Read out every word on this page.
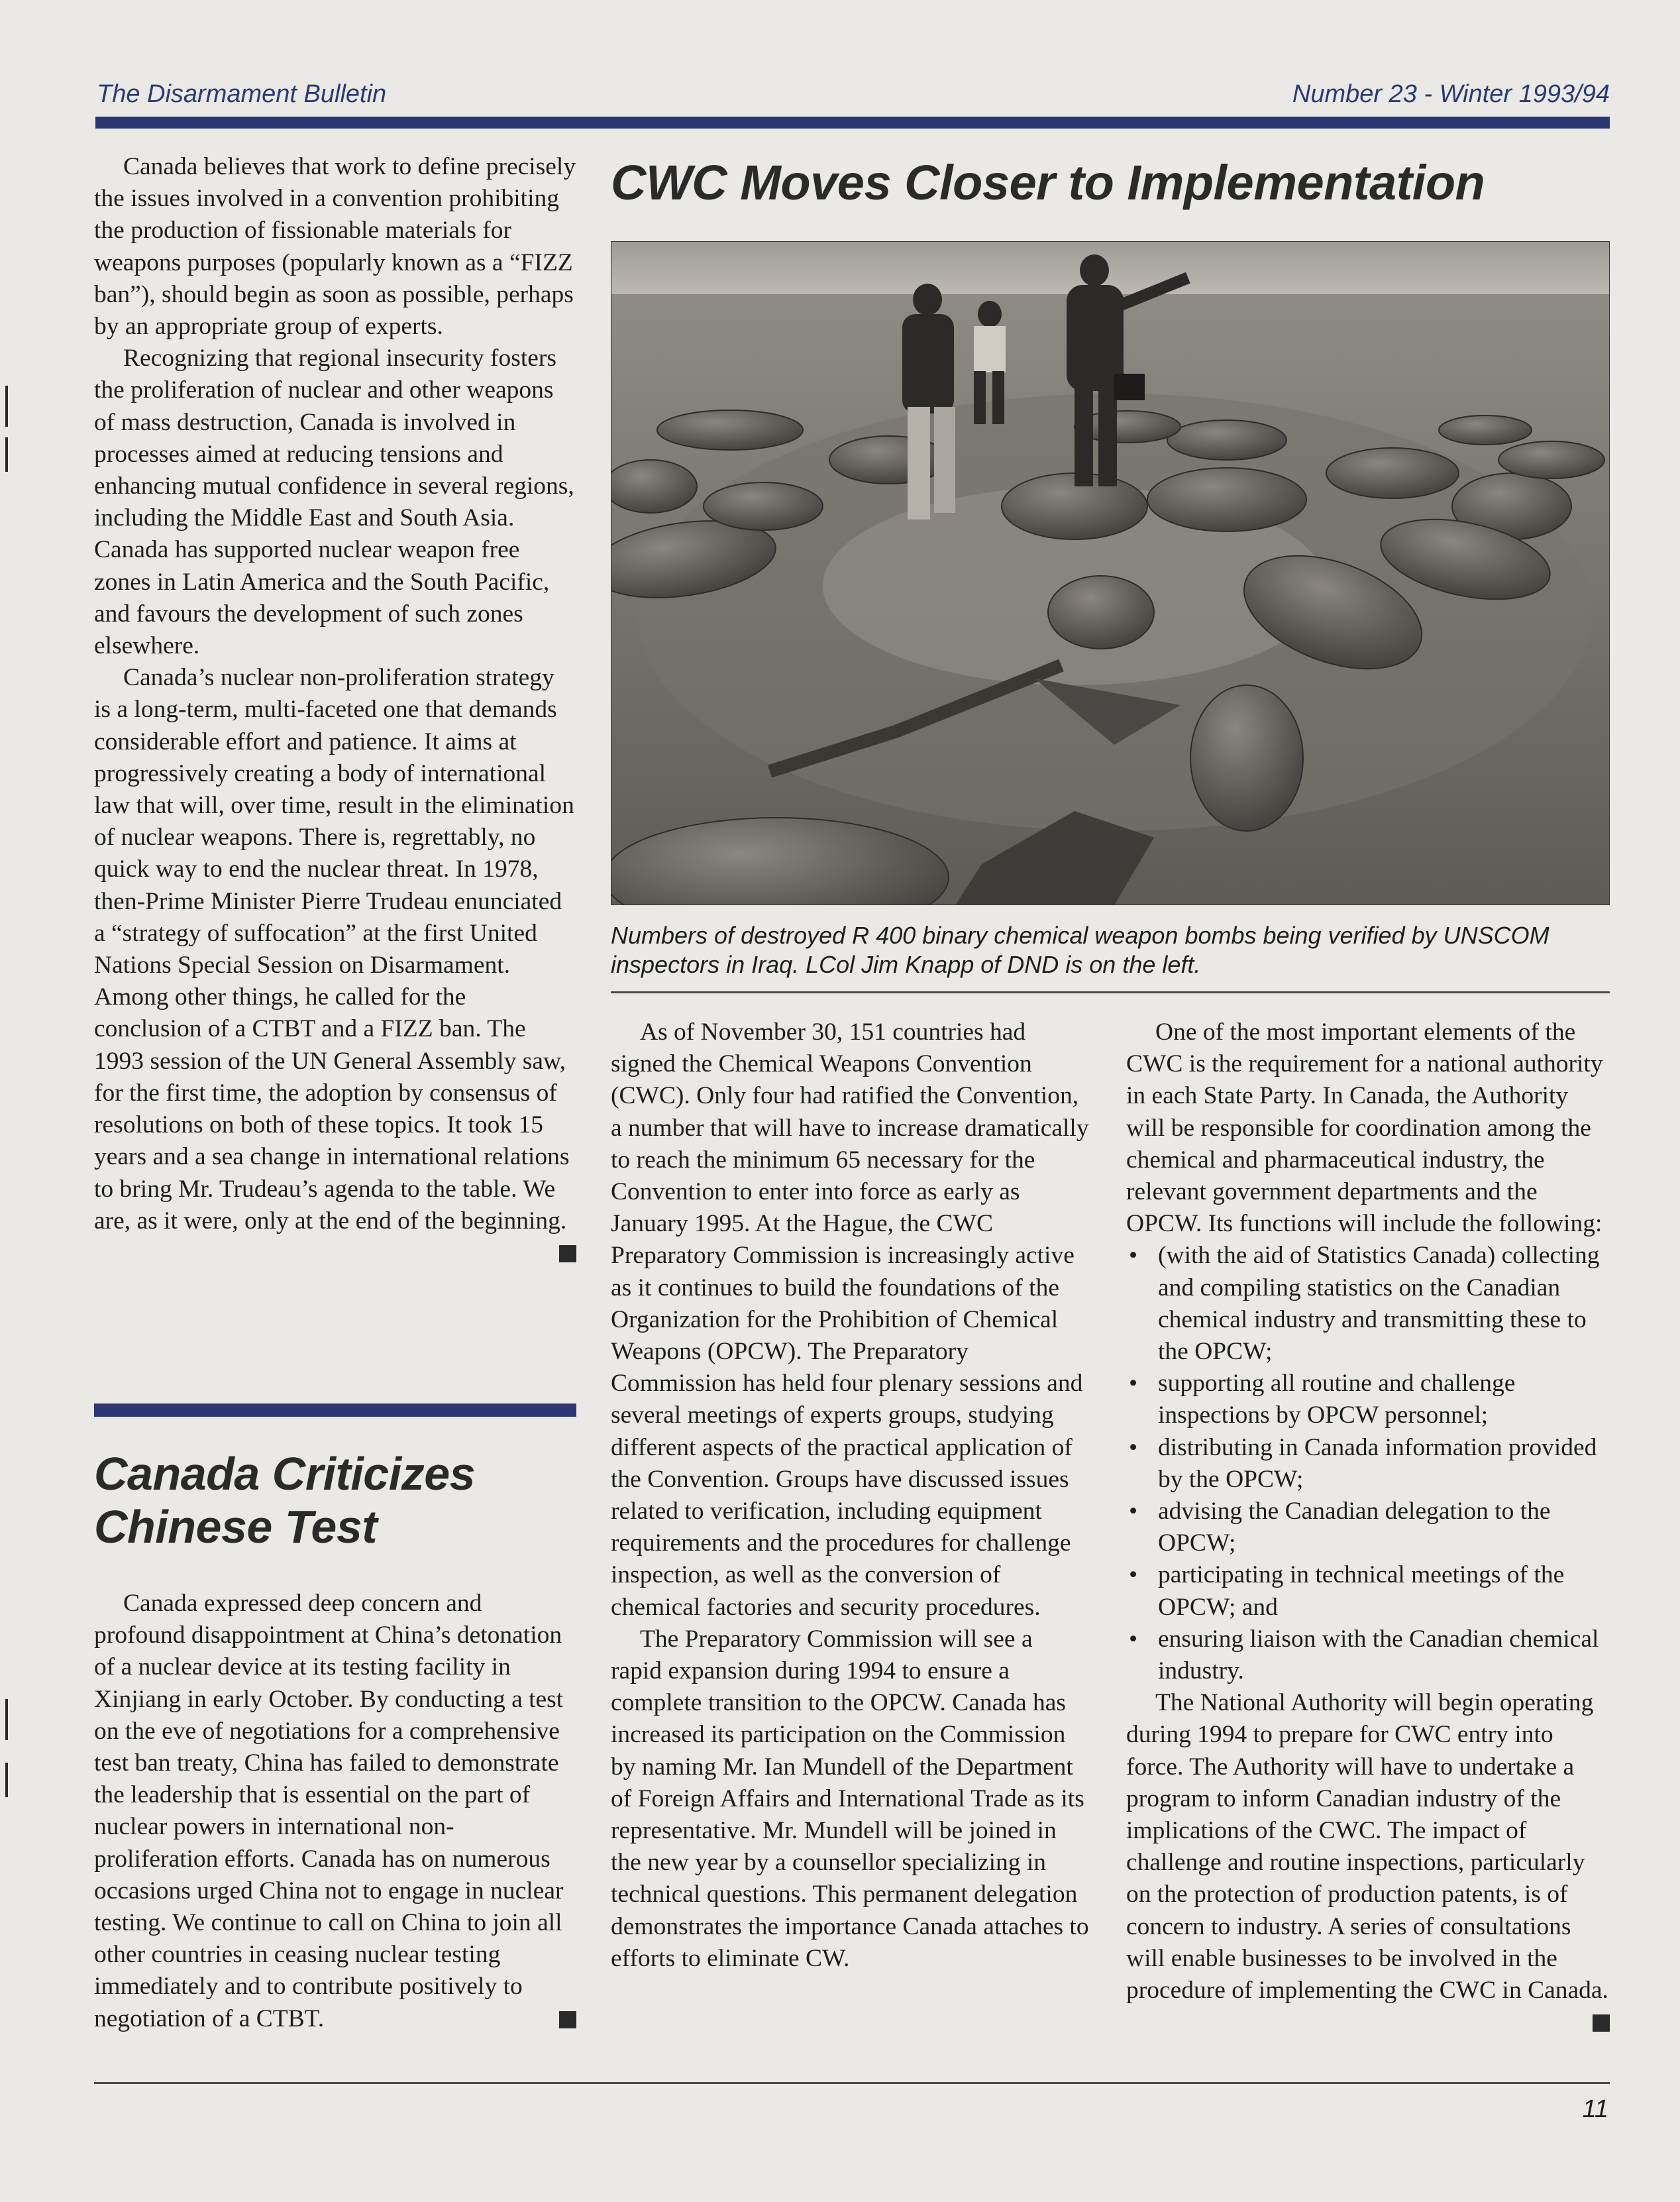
The Disarmament Bulletin	Number 23 - Winter 1993/94

Canada believes that work to define precisely the issues involved in a convention prohibiting the production of fissionable materials for weapons purposes (popularly known as a “FIZZ ban”), should begin as soon as possible, perhaps by an appropriate group of experts.

Recognizing that regional insecurity fosters the proliferation of nuclear and other weapons of mass destruction, Canada is involved in processes aimed at reducing tensions and enhancing mutual confidence in several regions, including the Middle East and South Asia. Canada has supported nuclear weapon free zones in Latin America and the South Pacific, and favours the development of such zones elsewhere.

Canada’s nuclear non-proliferation strategy is a long-term, multi-faceted one that demands considerable effort and patience. It aims at progressively creating a body of international law that will, over time, result in the elimination of nuclear weapons. There is, regrettably, no quick way to end the nuclear threat. In 1978, then-Prime Minister Pierre Trudeau enunciated a “strategy of suffocation” at the first United Nations Special Session on Disarmament. Among other things, he called for the conclusion of a CTBT and a FIZZ ban. The 1993 session of the UN General Assembly saw, for the first time, the adoption by consensus of resolutions on both of these topics. It took 15 years and a sea change in international relations to bring Mr. Trudeau’s agenda to the table. We are, as it were, only at the end of the beginning.

Canada Criticizes Chinese Test

Canada expressed deep concern and profound disappointment at China’s detonation of a nuclear device at its testing facility in Xinjiang in early October. By conducting a test on the eve of negotiations for a comprehensive test ban treaty, China has failed to demonstrate the leadership that is essential on the part of nuclear powers in international non-proliferation efforts. Canada has on numerous occasions urged China not to engage in nuclear testing. We continue to call on China to join all other countries in ceasing nuclear testing immediately and to contribute positively to negotiation of a CTBT.

CWC Moves Closer to Implementation
Numbers of destroyed R 400 binary chemical weapon bombs being verified by UNSCOM inspectors in Iraq. LCol Jim Knapp of DND is on the left.

As of November 30, 151 countries had signed the Chemical Weapons Convention (CWC). Only four had ratified the Convention, a number that will have to increase dramatically to reach the minimum 65 necessary for the Convention to enter into force as early as January 1995. At the Hague, the CWC Preparatory Commission is increasingly active as it continues to build the foundations of the Organization for the Prohibition of Chemical Weapons (OPCW). The Preparatory Commission has held four plenary sessions and several meetings of experts groups, studying different aspects of the practical application of the Convention. Groups have discussed issues related to verification, including equipment requirements and the procedures for challenge inspection, as well as the conversion of chemical factories and security procedures.

The Preparatory Commission will see a rapid expansion during 1994 to ensure a complete transition to the OPCW. Canada has increased its participation on the Commission by naming Mr. Ian Mundell of the Department of Foreign Affairs and International Trade as its representative. Mr. Mundell will be joined in the new year by a counsellor specializing in technical questions. This permanent delegation demonstrates the importance Canada attaches to efforts to eliminate CW.

One of the most important elements of the CWC is the requirement for a national authority in each State Party. In Canada, the Authority will be responsible for coordination among the chemical and pharmaceutical industry, the relevant government departments and the OPCW. Its functions will include the following:

• (with the aid of Statistics Canada) collecting and compiling statistics on the Canadian chemical industry and transmitting these to the OPCW;
• supporting all routine and challenge inspections by OPCW personnel;
• distributing in Canada information provided by the OPCW;
• advising the Canadian delegation to the OPCW;
• participating in technical meetings of the OPCW; and
• ensuring liaison with the Canadian chemical industry.

The National Authority will begin operating during 1994 to prepare for CWC entry into force. The Authority will have to undertake a program to inform Canadian industry of the implications of the CWC. The impact of challenge and routine inspections, particularly on the protection of production patents, is of concern to industry. A series of consultations will enable businesses to be involved in the procedure of implementing the CWC in Canada.

11
